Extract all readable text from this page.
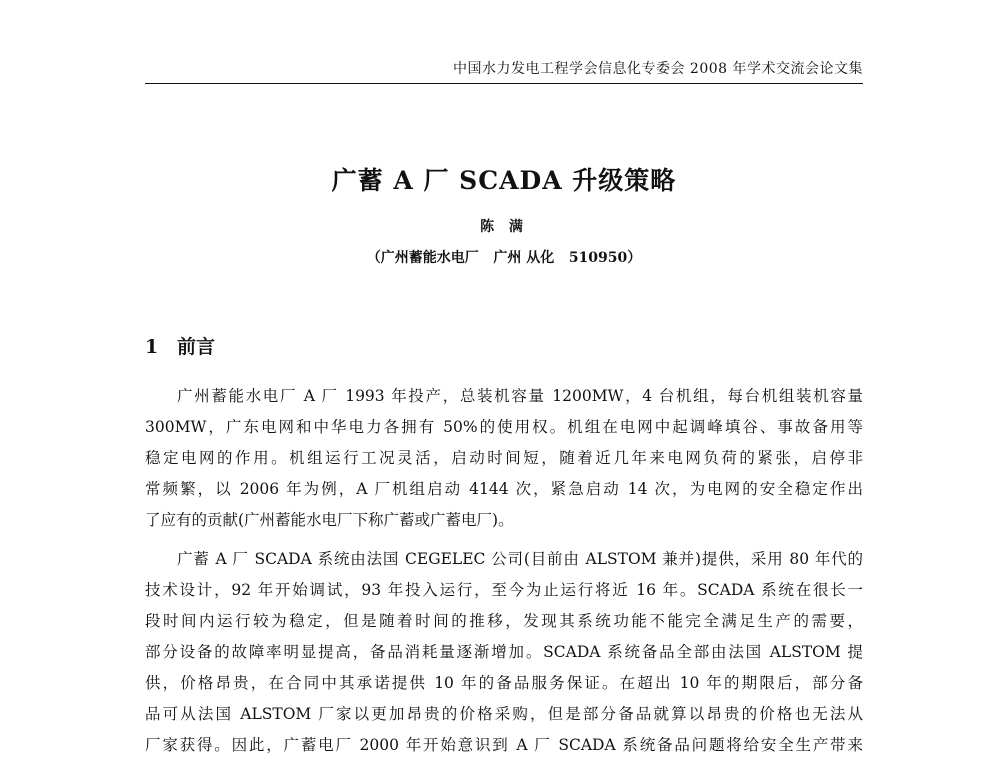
中国水力发电工程学会信息化专委会 2008 年学术交流会论文集
广蓄 A 厂 SCADA 升级策略
陈 满
（广州蓄能水电厂   广州 从化   510950）
1 前言

广州蓄能水电厂 A 厂 1993 年投产，总装机容量 1200MW，4 台机组，每台机组装机容量
300MW，广东电网和中华电力各拥有 50%的使用权。机组在电网中起调峰填谷、事故备用等
稳定电网的作用。机组运行工况灵活，启动时间短，随着近几年来电网负荷的紧张，启停非
常频繁，以 2006 年为例，A 厂机组启动 4144 次，紧急启动 14 次，为电网的安全稳定作出
了应有的贡献(广州蓄能水电厂下称广蓄或广蓄电厂)。

广蓄 A 厂 SCADA 系统由法国 CEGELEC 公司(目前由 ALSTOM 兼并)提供，采用 80 年代的
技术设计，92 年开始调试，93 年投入运行，至今为止运行将近 16 年。SCADA 系统在很长一
段时间内运行较为稳定，但是随着时间的推移，发现其系统功能不能完全满足生产的需要，
部分设备的故障率明显提高，备品消耗量逐渐增加。SCADA 系统备品全部由法国 ALSTOM 提
供，价格昂贵，在合同中其承诺提供 10 年的备品服务保证。在超出 10 年的期限后，部分备
品可从法国 ALSTOM 厂家以更加昂贵的价格采购，但是部分备品就算以昂贵的价格也无法从
厂家获得。因此，广蓄电厂 2000 年开始意识到 A 厂 SCADA 系统备品问题将给安全生产带来
